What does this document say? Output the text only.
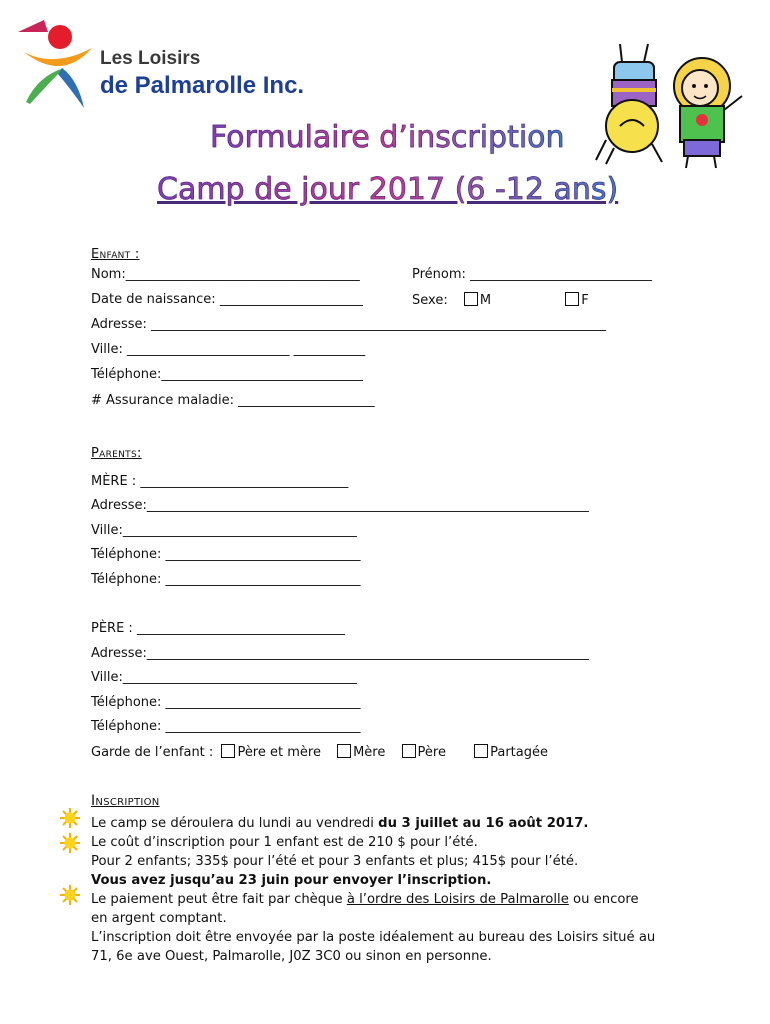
Les Loisirs
de Palmarolle Inc.
Formulaire d’inscription
Camp de jour 2017 (6 -12 ans)
Enfant :
Nom:____________________________________	Prénom: ____________________________
Date de naissance: ______________________	Sexe: M	F
Adresse: ______________________________________________________________________
Ville: _________________________ ___________
Téléphone:_______________________________
# Assurance maladie: _____________________
Parents:
MÈRE : ________________________________
Adresse:____________________________________________________________________
Ville:____________________________________
Téléphone: ______________________________
Téléphone: ______________________________
PÈRE : ________________________________
Adresse:____________________________________________________________________
Ville:____________________________________
Téléphone: ______________________________
Téléphone: ______________________________
Garde de l’enfant : Père et mère Mère Père	Partagée
Inscription
Le camp se déroulera du lundi au vendredi du 3 juillet au 16 août 2017.
Le coût d’inscription pour 1 enfant est de 210 $ pour l’été.
Pour 2 enfants; 335$ pour l’été et pour 3 enfants et plus; 415$ pour l’été.
Vous avez jusqu’au 23 juin pour envoyer l’inscription.
Le paiement peut être fait par chèque à l’ordre des Loisirs de Palmarolle ou encore
en argent comptant.
L’inscription doit être envoyée par la poste idéalement au bureau des Loisirs situé au
71, 6e ave Ouest, Palmarolle, J0Z 3C0 ou sinon en personne.
